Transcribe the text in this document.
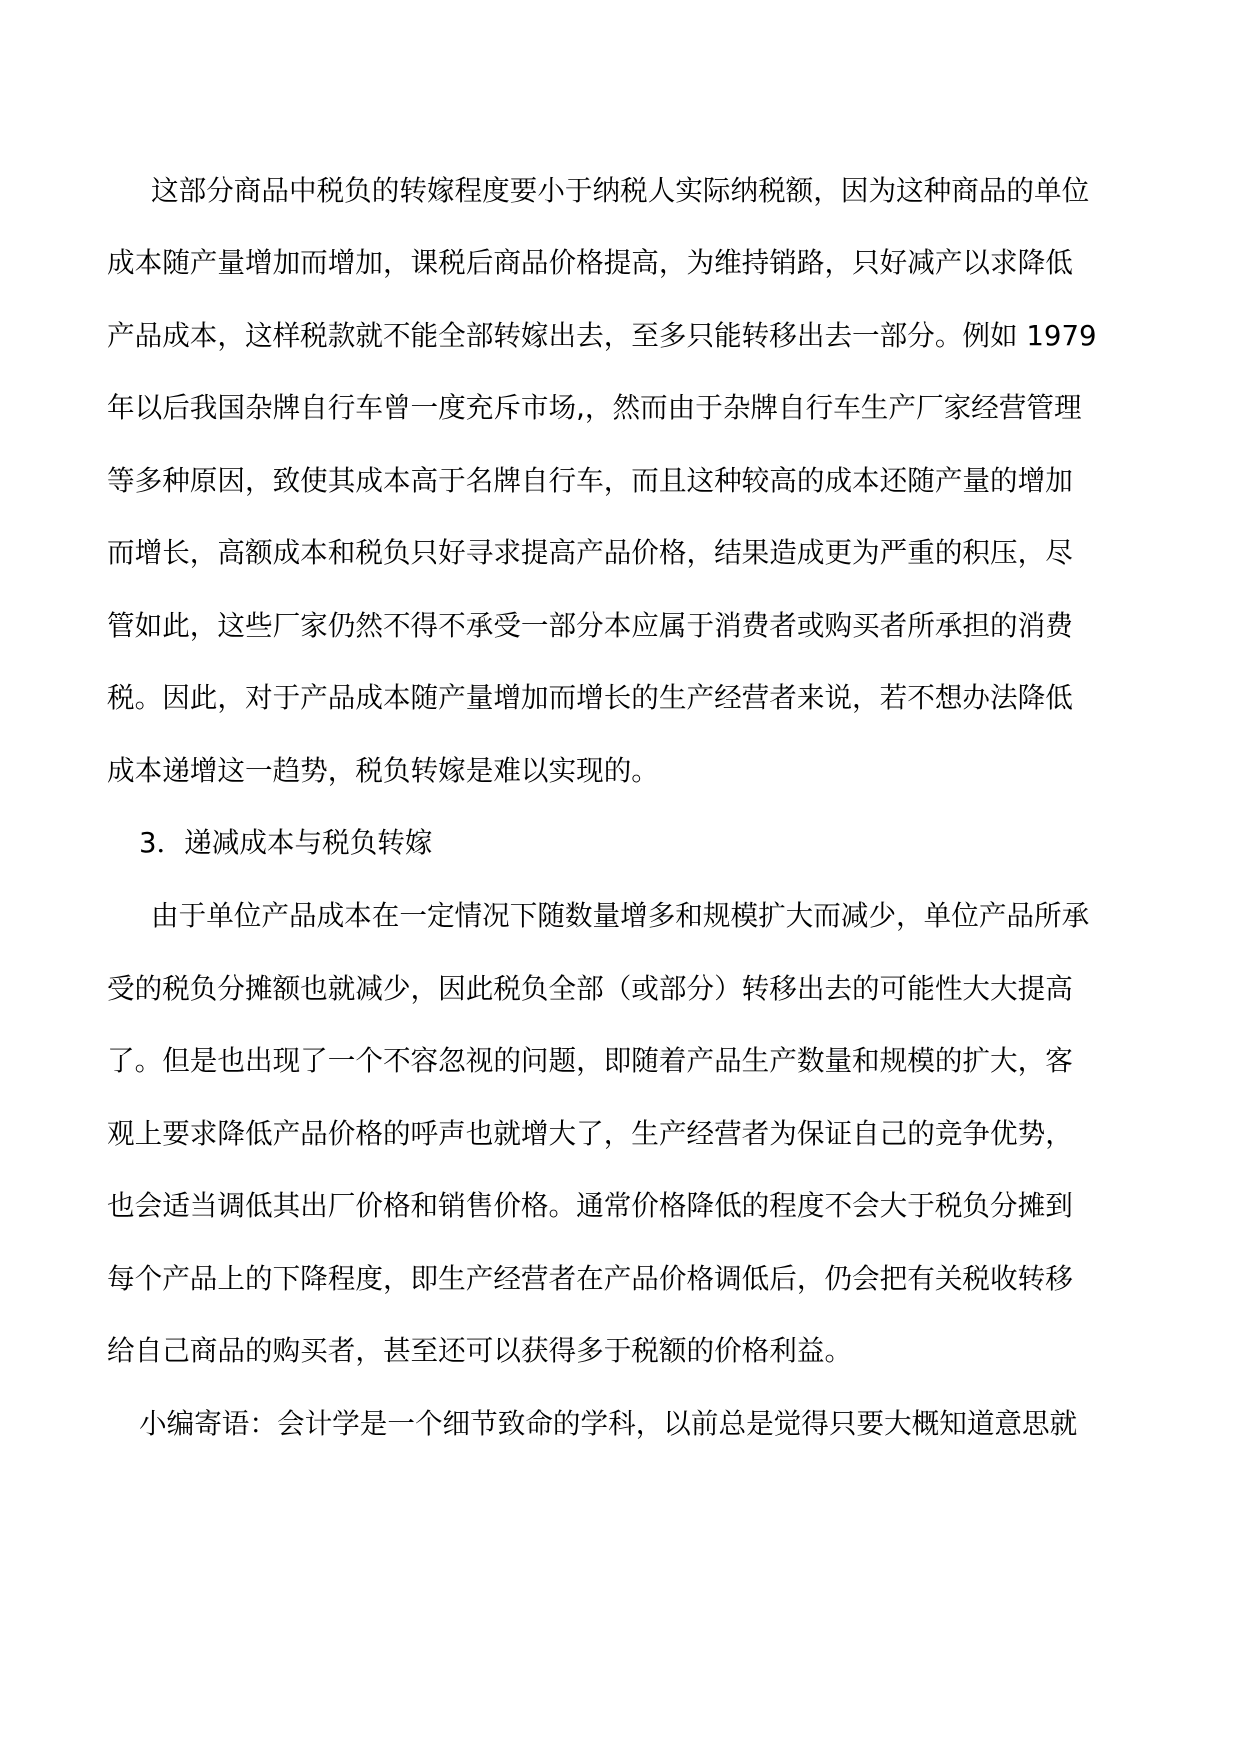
这部分商品中税负的转嫁程度要小于纳税人实际纳税额，因为这种商品的单位
成本随产量增加而增加，课税后商品价格提高，为维持销路，只好减产以求降低
产品成本，这样税款就不能全部转嫁出去，至多只能转移出去一部分。例如 1979
年以后我国杂牌自行车曾一度充斥市场,，然而由于杂牌自行车生产厂家经营管理
等多种原因，致使其成本高于名牌自行车，而且这种较高的成本还随产量的增加
而增长，高额成本和税负只好寻求提高产品价格，结果造成更为严重的积压，尽
管如此，这些厂家仍然不得不承受一部分本应属于消费者或购买者所承担的消费
税。因此，对于产品成本随产量增加而增长的生产经营者来说，若不想办法降低
成本递增这一趋势，税负转嫁是难以实现的。
3．递减成本与税负转嫁
由于单位产品成本在一定情况下随数量增多和规模扩大而减少，单位产品所承
受的税负分摊额也就减少，因此税负全部（或部分）转移出去的可能性大大提高
了。但是也出现了一个不容忽视的问题，即随着产品生产数量和规模的扩大，客
观上要求降低产品价格的呼声也就增大了，生产经营者为保证自己的竞争优势，
也会适当调低其出厂价格和销售价格。通常价格降低的程度不会大于税负分摊到
每个产品上的下降程度，即生产经营者在产品价格调低后，仍会把有关税收转移
给自己商品的购买者，甚至还可以获得多于税额的价格利益。
小编寄语：会计学是一个细节致命的学科，以前总是觉得只要大概知道意思就
